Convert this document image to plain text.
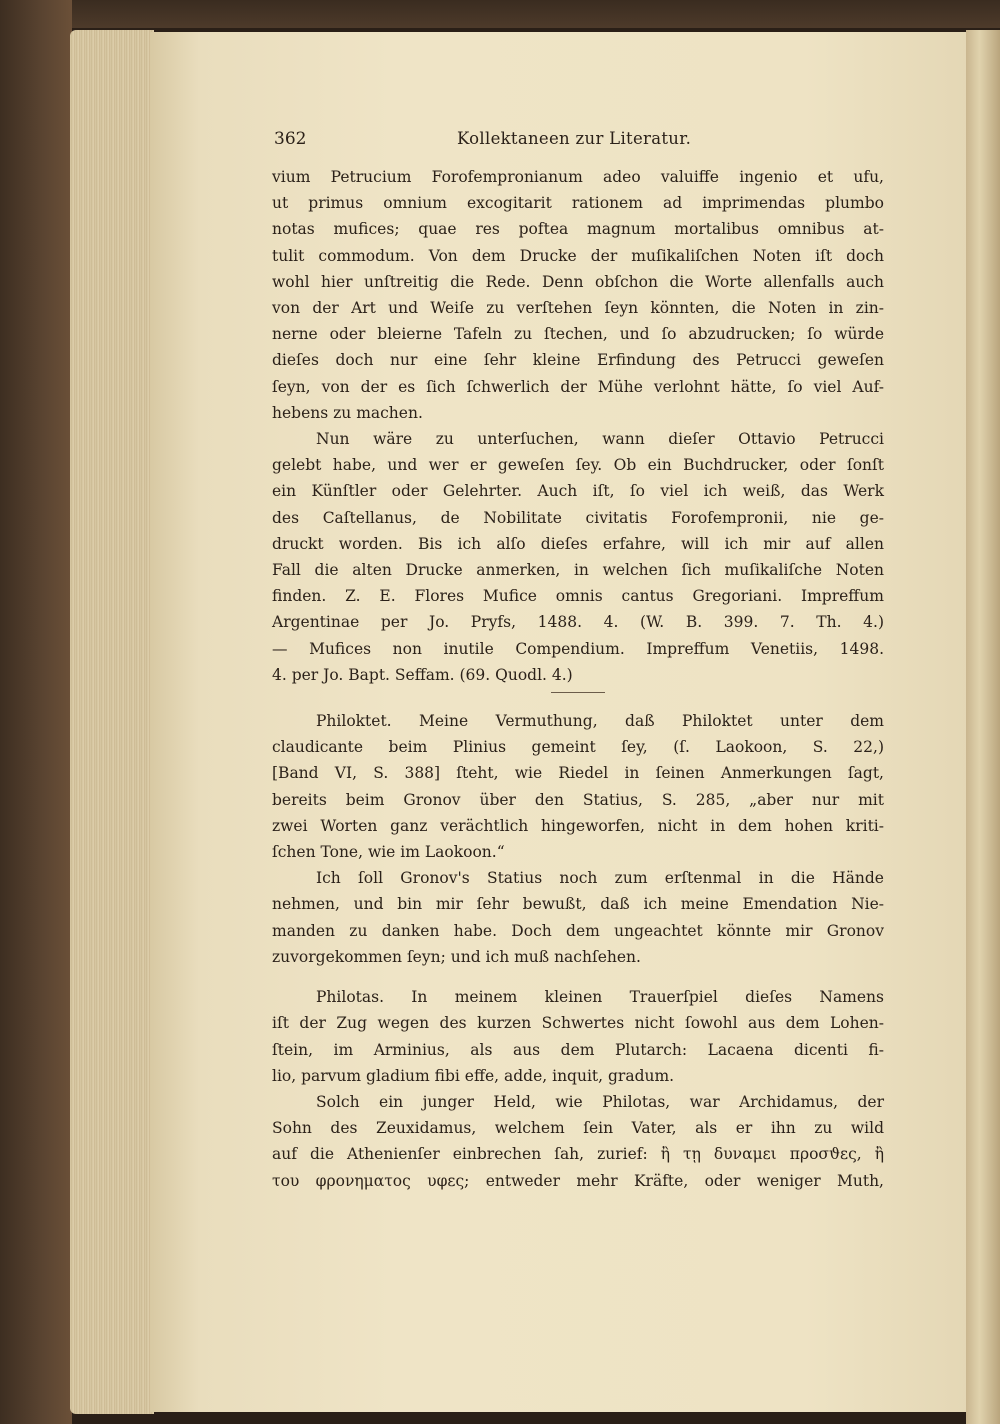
362	Kollektaneen zur Literatur.

vium Petrucium Forofempronianum adeo valuiffe ingenio et ufu,
ut primus omnium excogitarit rationem ad imprimendas plumbo
notas mufices; quae res poftea magnum mortalibus omnibus at-
tulit commodum. Von dem Drucke der muſikaliſchen Noten iſt doch
wohl hier unſtreitig die Rede. Denn obſchon die Worte allenfalls auch
von der Art und Weiſe zu verſtehen ſeyn könnten, die Noten in zin-
nerne oder bleierne Tafeln zu ſtechen, und ſo abzudrucken; ſo würde
dieſes doch nur eine ſehr kleine Erfindung des Petrucci geweſen
ſeyn, von der es ſich ſchwerlich der Mühe verlohnt hätte, ſo viel Auf-
hebens zu machen.

Nun wäre zu unterſuchen, wann dieſer Ottavio Petrucci
gelebt habe, und wer er geweſen ſey. Ob ein Buchdrucker, oder ſonſt
ein Künſtler oder Gelehrter. Auch iſt, ſo viel ich weiß, das Werk
des Caſtellanus, de Nobilitate civitatis Forofempronii, nie ge-
druckt worden. Bis ich alſo dieſes erfahre, will ich mir auf allen
Fall die alten Drucke anmerken, in welchen ſich muſikaliſche Noten
finden. Z. E. Flores Mufice omnis cantus Gregoriani. Impreffum
Argentinae per Jo. Pryfs, 1488. 4. (W. B. 399. 7. Th. 4.)
— Mufices non inutile Compendium. Impreffum Venetiis, 1498.
4. per Jo. Bapt. Seffam. (69. Quodl. 4.)

Philoktet. Meine Vermuthung, daß Philoktet unter dem
claudicante beim Plinius gemeint ſey, (ſ. Laokoon, S. 22,)
[Band VI, S. 388] ſteht, wie Riedel in ſeinen Anmerkungen ſagt,
bereits beim Gronov über den Statius, S. 285, „aber nur mit
zwei Worten ganz verächtlich hingeworfen, nicht in dem hohen kriti-
ſchen Tone, wie im Laokoon.“

Ich ſoll Gronov's Statius noch zum erſtenmal in die Hände
nehmen, und bin mir ſehr bewußt, daß ich meine Emendation Nie-
manden zu danken habe. Doch dem ungeachtet könnte mir Gronov
zuvorgekommen ſeyn; und ich muß nachſehen.

Philotas. In meinem kleinen Trauerſpiel dieſes Namens
iſt der Zug wegen des kurzen Schwertes nicht ſowohl aus dem Lohen-
ſtein, im Arminius, als aus dem Plutarch: Lacaena dicenti fi-
lio, parvum gladium fibi effe, adde, inquit, gradum.

Solch ein junger Held, wie Philotas, war Archidamus, der
Sohn des Zeuxidamus, welchem ſein Vater, als er ihn zu wild
auf die Athenienſer einbrechen ſah, zurief: ἢ τῃ δυναμει προσϑες, ἢ
του φρονηματος υφες; entweder mehr Kräfte, oder weniger Muth,
